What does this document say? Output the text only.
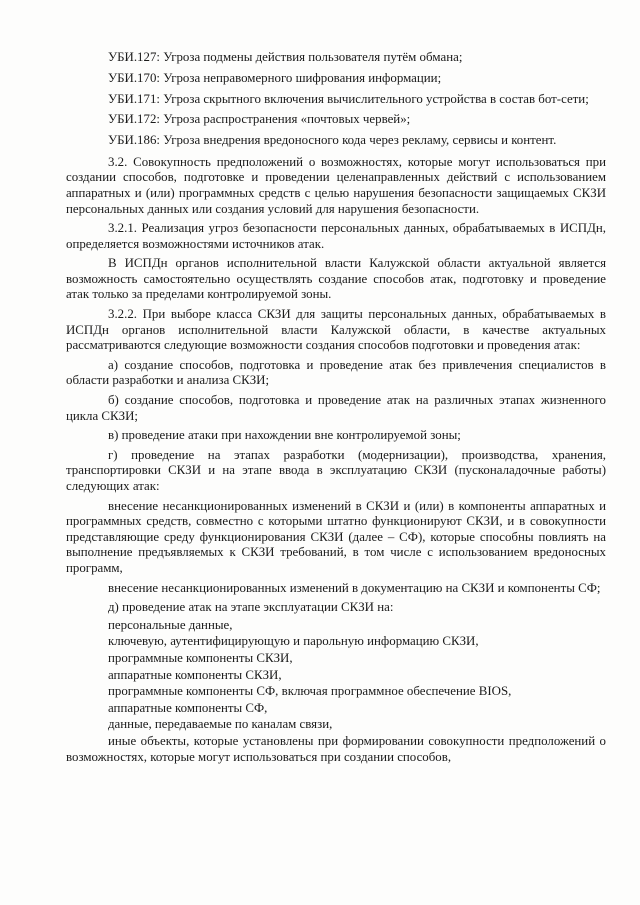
УБИ.127: Угроза подмены действия пользователя путём обмана;

УБИ.170: Угроза неправомерного шифрования информации;

УБИ.171: Угроза скрытного включения вычислительного устройства в состав бот-сети;

УБИ.172: Угроза распространения «почтовых червей»;

УБИ.186: Угроза внедрения вредоносного кода через рекламу, сервисы и контент.

3.2. Совокупность предположений о возможностях, которые могут использоваться при создании способов, подготовке и проведении целенаправленных действий с использованием аппаратных и (или) программных средств с целью нарушения безопасности защищаемых СКЗИ персональных данных или создания условий для нарушения безопасности.

3.2.1. Реализация угроз безопасности персональных данных, обрабатываемых в ИСПДн, определяется возможностями источников атак.

В ИСПДн органов исполнительной власти Калужской области актуальной является возможность самостоятельно осуществлять создание способов атак, подготовку и проведение атак только за пределами контролируемой зоны.

3.2.2. При выборе класса СКЗИ для защиты персональных данных, обрабатываемых в ИСПДн органов исполнительной власти Калужской области, в качестве актуальных рассматриваются следующие возможности создания способов подготовки и проведения атак:

а) создание способов, подготовка и проведение атак без привлечения специалистов в области разработки и анализа СКЗИ;

б) создание способов, подготовка и проведение атак на различных этапах жизненного цикла СКЗИ;

в) проведение атаки при нахождении вне контролируемой зоны;

г) проведение на этапах разработки (модернизации), производства, хранения, транспортировки СКЗИ и на этапе ввода в эксплуатацию СКЗИ (пусконаладочные работы) следующих атак:

внесение несанкционированных изменений в СКЗИ и (или) в компоненты аппаратных и программных средств, совместно с которыми штатно функционируют СКЗИ, и в совокупности представляющие среду функционирования СКЗИ (далее – СФ), которые способны повлиять на выполнение предъявляемых к СКЗИ требований, в том числе с использованием вредоносных программ,

внесение несанкционированных изменений в документацию на СКЗИ и компоненты СФ;

д) проведение атак на этапе эксплуатации СКЗИ на:

персональные данные,

ключевую, аутентифицирующую и парольную информацию СКЗИ,

программные компоненты СКЗИ,

аппаратные компоненты СКЗИ,

программные компоненты СФ, включая программное обеспечение BIOS,

аппаратные компоненты СФ,

данные, передаваемые по каналам связи,

иные объекты, которые установлены при формировании совокупности предположений о возможностях, которые могут использоваться при создании способов,
